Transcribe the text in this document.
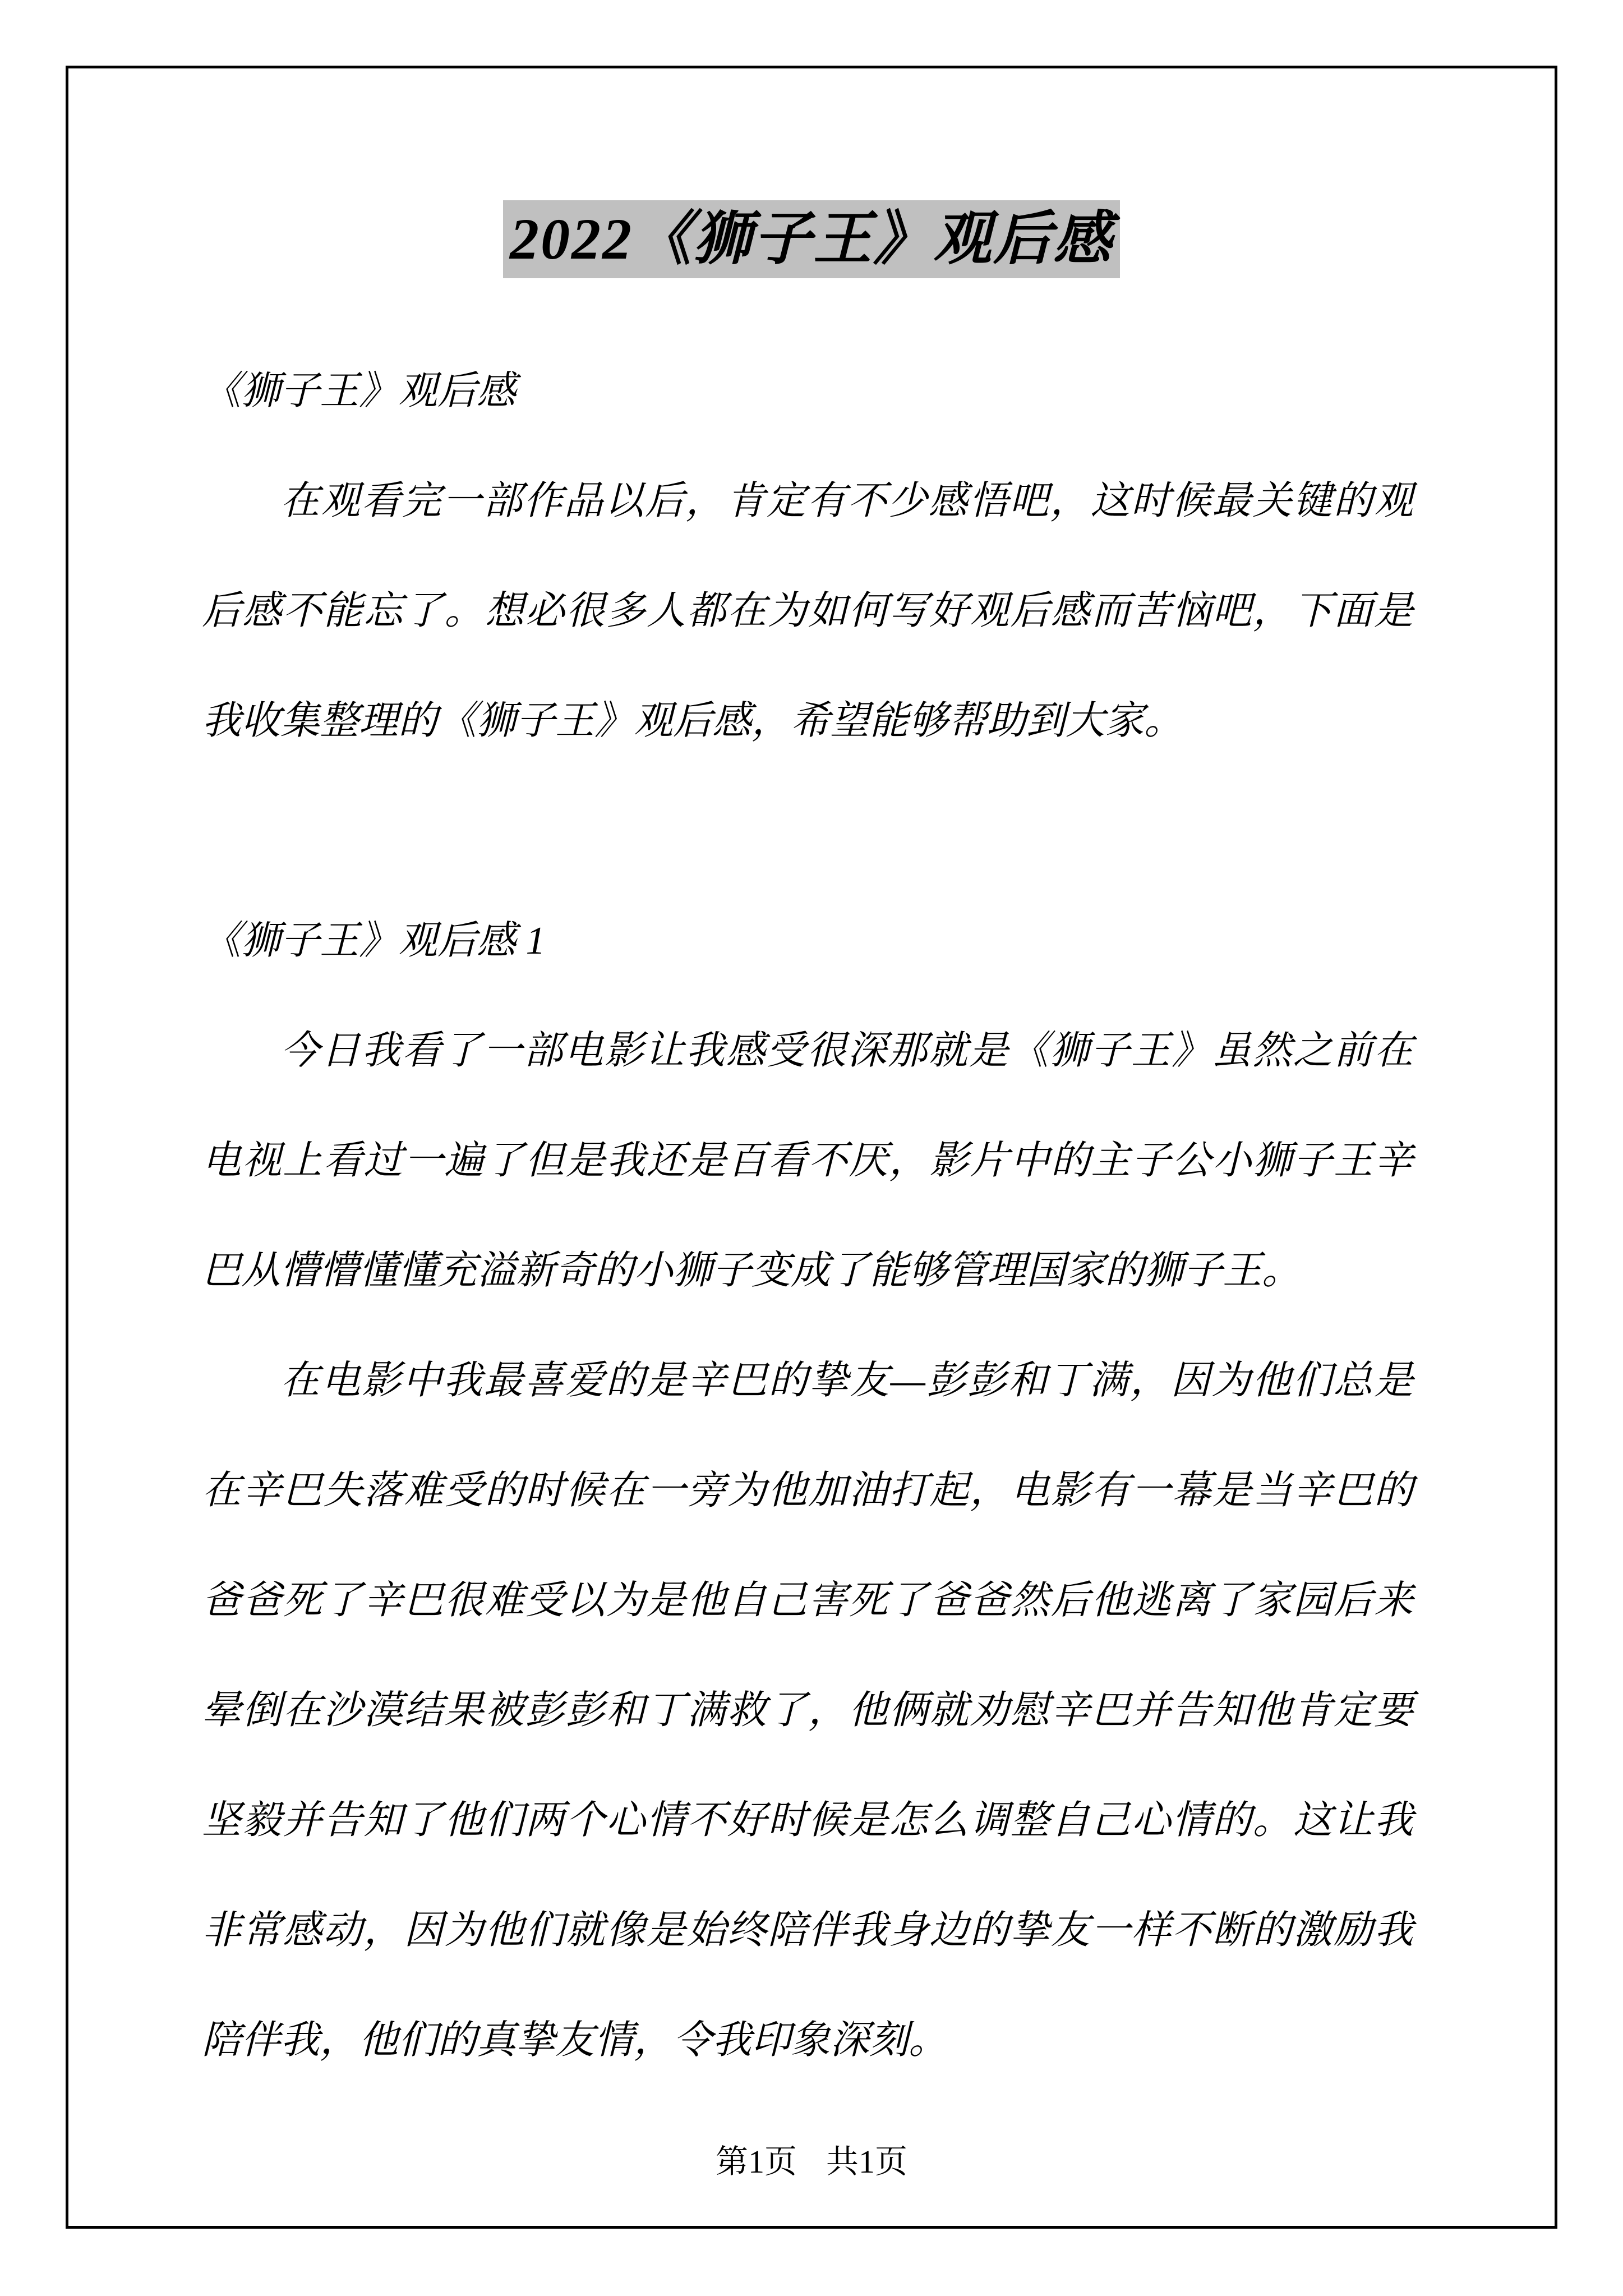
2022《狮子王》观后感
《狮子王》观后感
在观看完一部作品以后，肯定有不少感悟吧，这时候最关键的观
后感不能忘了。想必很多人都在为如何写好观后感而苦恼吧，下面是
我收集整理的《狮子王》观后感，希望能够帮助到大家。
《狮子王》观后感 1
今日我看了一部电影让我感受很深那就是《狮子王》虽然之前在
电视上看过一遍了但是我还是百看不厌，影片中的主子公小狮子王辛
巴从懵懵懂懂充溢新奇的小狮子变成了能够管理国家的狮子王。
在电影中我最喜爱的是辛巴的挚友—彭彭和丁满，因为他们总是
在辛巴失落难受的时候在一旁为他加油打起，电影有一幕是当辛巴的
爸爸死了辛巴很难受以为是他自己害死了爸爸然后他逃离了家园后来
晕倒在沙漠结果被彭彭和丁满救了，他俩就劝慰辛巴并告知他肯定要
坚毅并告知了他们两个心情不好时候是怎么调整自己心情的。这让我
非常感动，因为他们就像是始终陪伴我身边的挚友一样不断的激励我
陪伴我，他们的真挚友情，令我印象深刻。
第1页 共1页
